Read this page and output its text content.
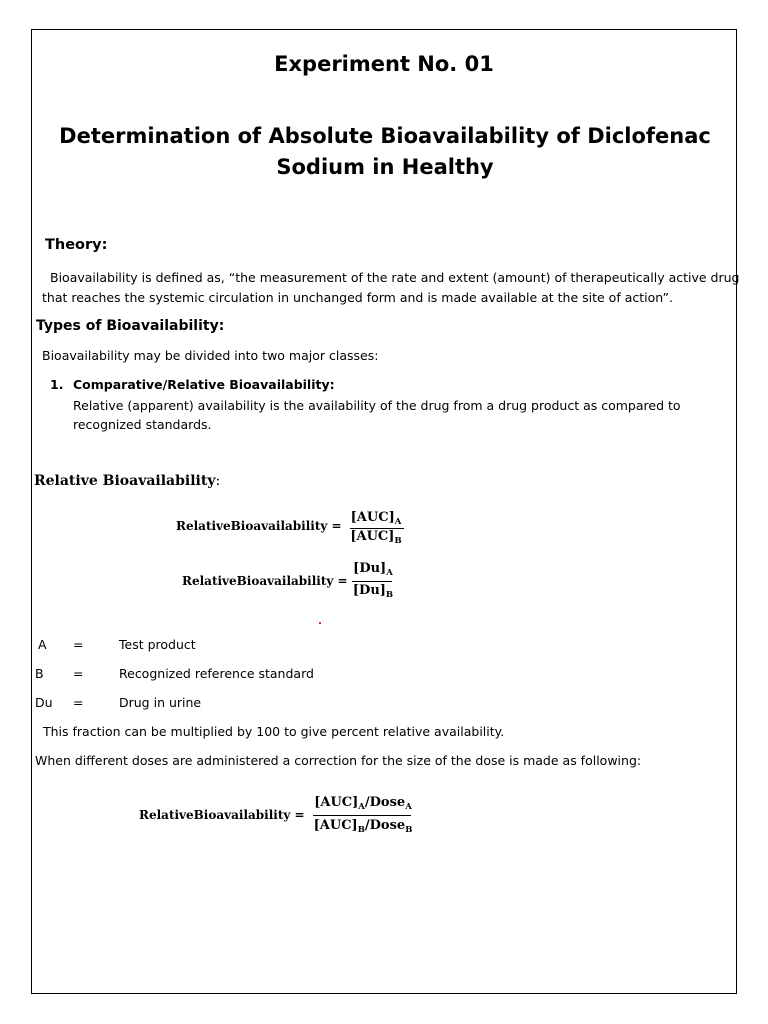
Experiment No. 01
Determination of Absolute Bioavailability of Diclofenac Sodium in Healthy
Theory:
Bioavailability is defined as, “the measurement of the rate and extent (amount) of therapeutically active drug
that reaches the systemic circulation in unchanged form and is made available at the site of action”.
Types of Bioavailability:
Bioavailability may be divided into two major classes:
1. Comparative/Relative Bioavailability:
Relative (apparent) availability is the availability of the drug from a drug product as compared to recognized standards.
Relative Bioavailability:
RelativeBioavailability =
$[AUC]_A$
$[AUC]_B$
RelativeBioavailability =
$[Du]_A$
$[Du]_B$
A =	Test product
B =	Recognized reference standard
Du =	Drug in urine
This fraction can be multiplied by 100 to give percent relative availability.
When different doses are administered a correction for the size of the dose is made as following:
RelativeBioavailability =
$[AUC]_A/Dose_A$
$[AUC]_B/Dose_B$
